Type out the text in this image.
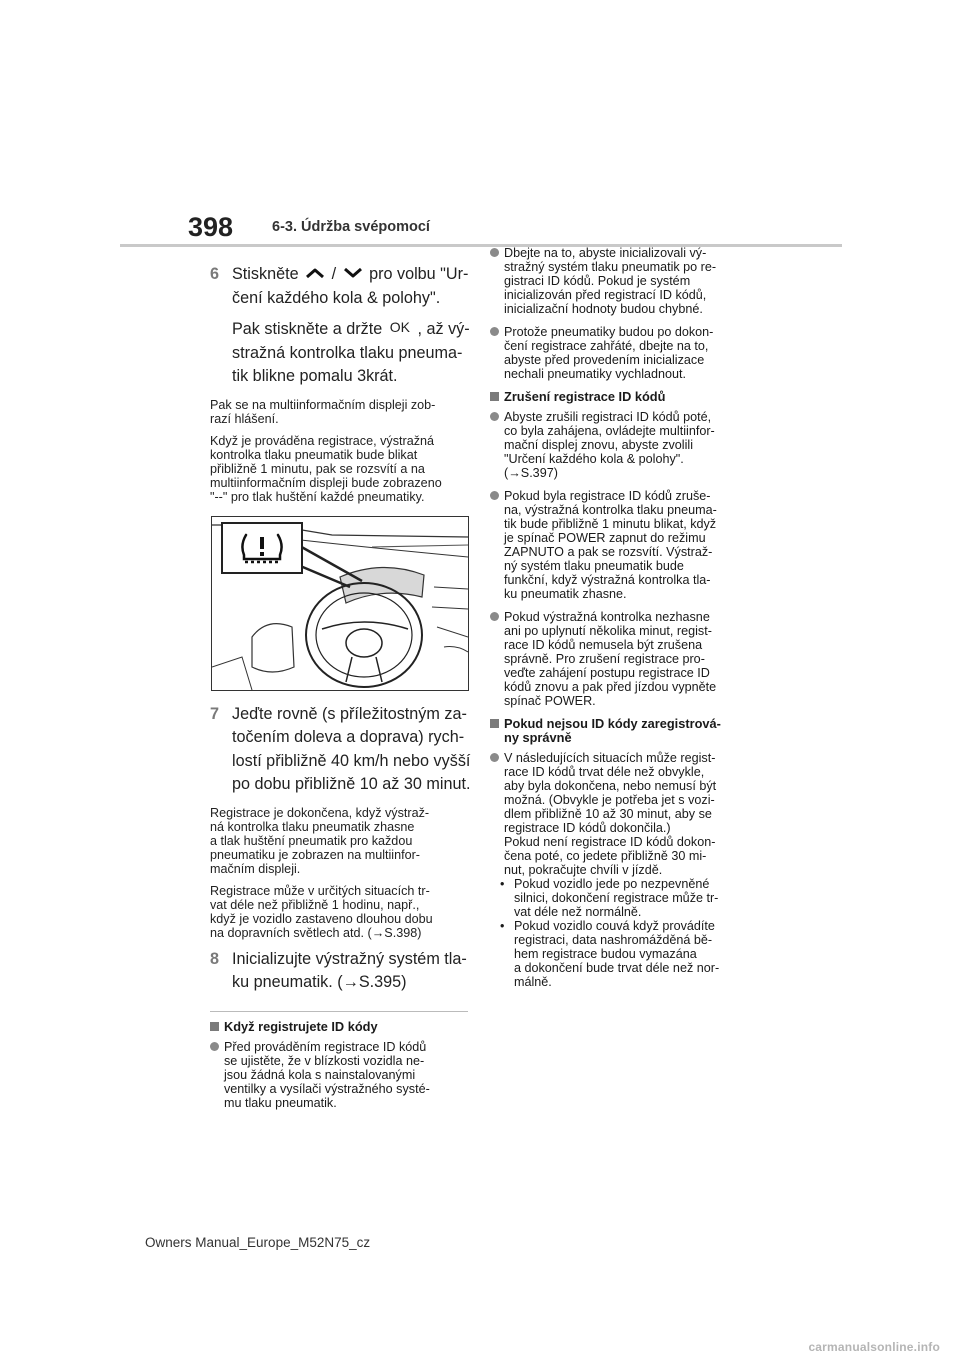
398	6-3. Údržba svépomocí
6 Stiskněte / pro volbu "Ur-
čení každého kola & polohy".
Pak stiskněte a držte OK , až vý-
stražná kontrolka tlaku pneuma-
tik blikne pomalu 3krát.
Pak se na multiinformačním displeji zob-
razí hlášení.
Když je prováděna registrace, výstražná
kontrolka tlaku pneumatik bude blikat
přibližně 1 minutu, pak se rozsvítí a na
multiinformačním displeji bude zobrazeno
"--" pro tlak huštění každé pneumatiky.
7 Jeďte rovně (s příležitostným za-
točením doleva a doprava) rych-
lostí přibližně 40 km/h nebo vyšší
po dobu přibližně 10 až 30 minut.
Registrace je dokončena, když výstraž-
ná kontrolka tlaku pneumatik zhasne
a tlak huštění pneumatik pro každou
pneumatiku je zobrazen na multiinfor-
mačním displeji.
Registrace může v určitých situacích tr-
vat déle než přibližně 1 hodinu, např.,
když je vozidlo zastaveno dlouhou dobu
na dopravních světlech atd. (→S.398)
8 Inicializujte výstražný systém tla-
ku pneumatik. (→S.395)
Když registrujete ID kódy
Před prováděním registrace ID kódů
se ujistěte, že v blízkosti vozidla ne-
jsou žádná kola s nainstalovanými
ventilky a vysílači výstražného systé-
mu tlaku pneumatik.
Dbejte na to, abyste inicializovali vý-
stražný systém tlaku pneumatik po re-
gistraci ID kódů. Pokud je systém
inicializován před registrací ID kódů,
inicializační hodnoty budou chybné.
Protože pneumatiky budou po dokon-
čení registrace zahřáté, dbejte na to,
abyste před provedením inicializace
nechali pneumatiky vychladnout.
Zrušení registrace ID kódů
Abyste zrušili registraci ID kódů poté,
co byla zahájena, ovládejte multiinfor-
mační displej znovu, abyste zvolili
"Určení každého kola & polohy".
(→S.397)
Pokud byla registrace ID kódů zruše-
na, výstražná kontrolka tlaku pneuma-
tik bude přibližně 1 minutu blikat, když
je spínač POWER zapnut do režimu
ZAPNUTO a pak se rozsvítí. Výstraž-
ný systém tlaku pneumatik bude
funkční, když výstražná kontrolka tla-
ku pneumatik zhasne.
Pokud výstražná kontrolka nezhasne
ani po uplynutí několika minut, regist-
race ID kódů nemusela být zrušena
správně. Pro zrušení registrace pro-
veďte zahájení postupu registrace ID
kódů znovu a pak před jízdou vypněte
spínač POWER.
Pokud nejsou ID kódy zaregistrová-
ny správně
V následujících situacích může regist-
race ID kódů trvat déle než obvykle,
aby byla dokončena, nebo nemusí být
možná. (Obvykle je potřeba jet s vozi-
dlem přibližně 10 až 30 minut, aby se
registrace ID kódů dokončila.)
Pokud není registrace ID kódů dokon-
čena poté, co jedete přibližně 30 mi-
nut, pokračujte chvíli v jízdě.
• Pokud vozidlo jede po nezpevněné
silnici, dokončení registrace může tr-
vat déle než normálně.
• Pokud vozidlo couvá když provádíte
registraci, data nashromážděná bě-
hem registrace budou vymazána
a dokončení bude trvat déle než nor-
málně.
Owners Manual_Europe_M52N75_cz
carmanualsonline.info
